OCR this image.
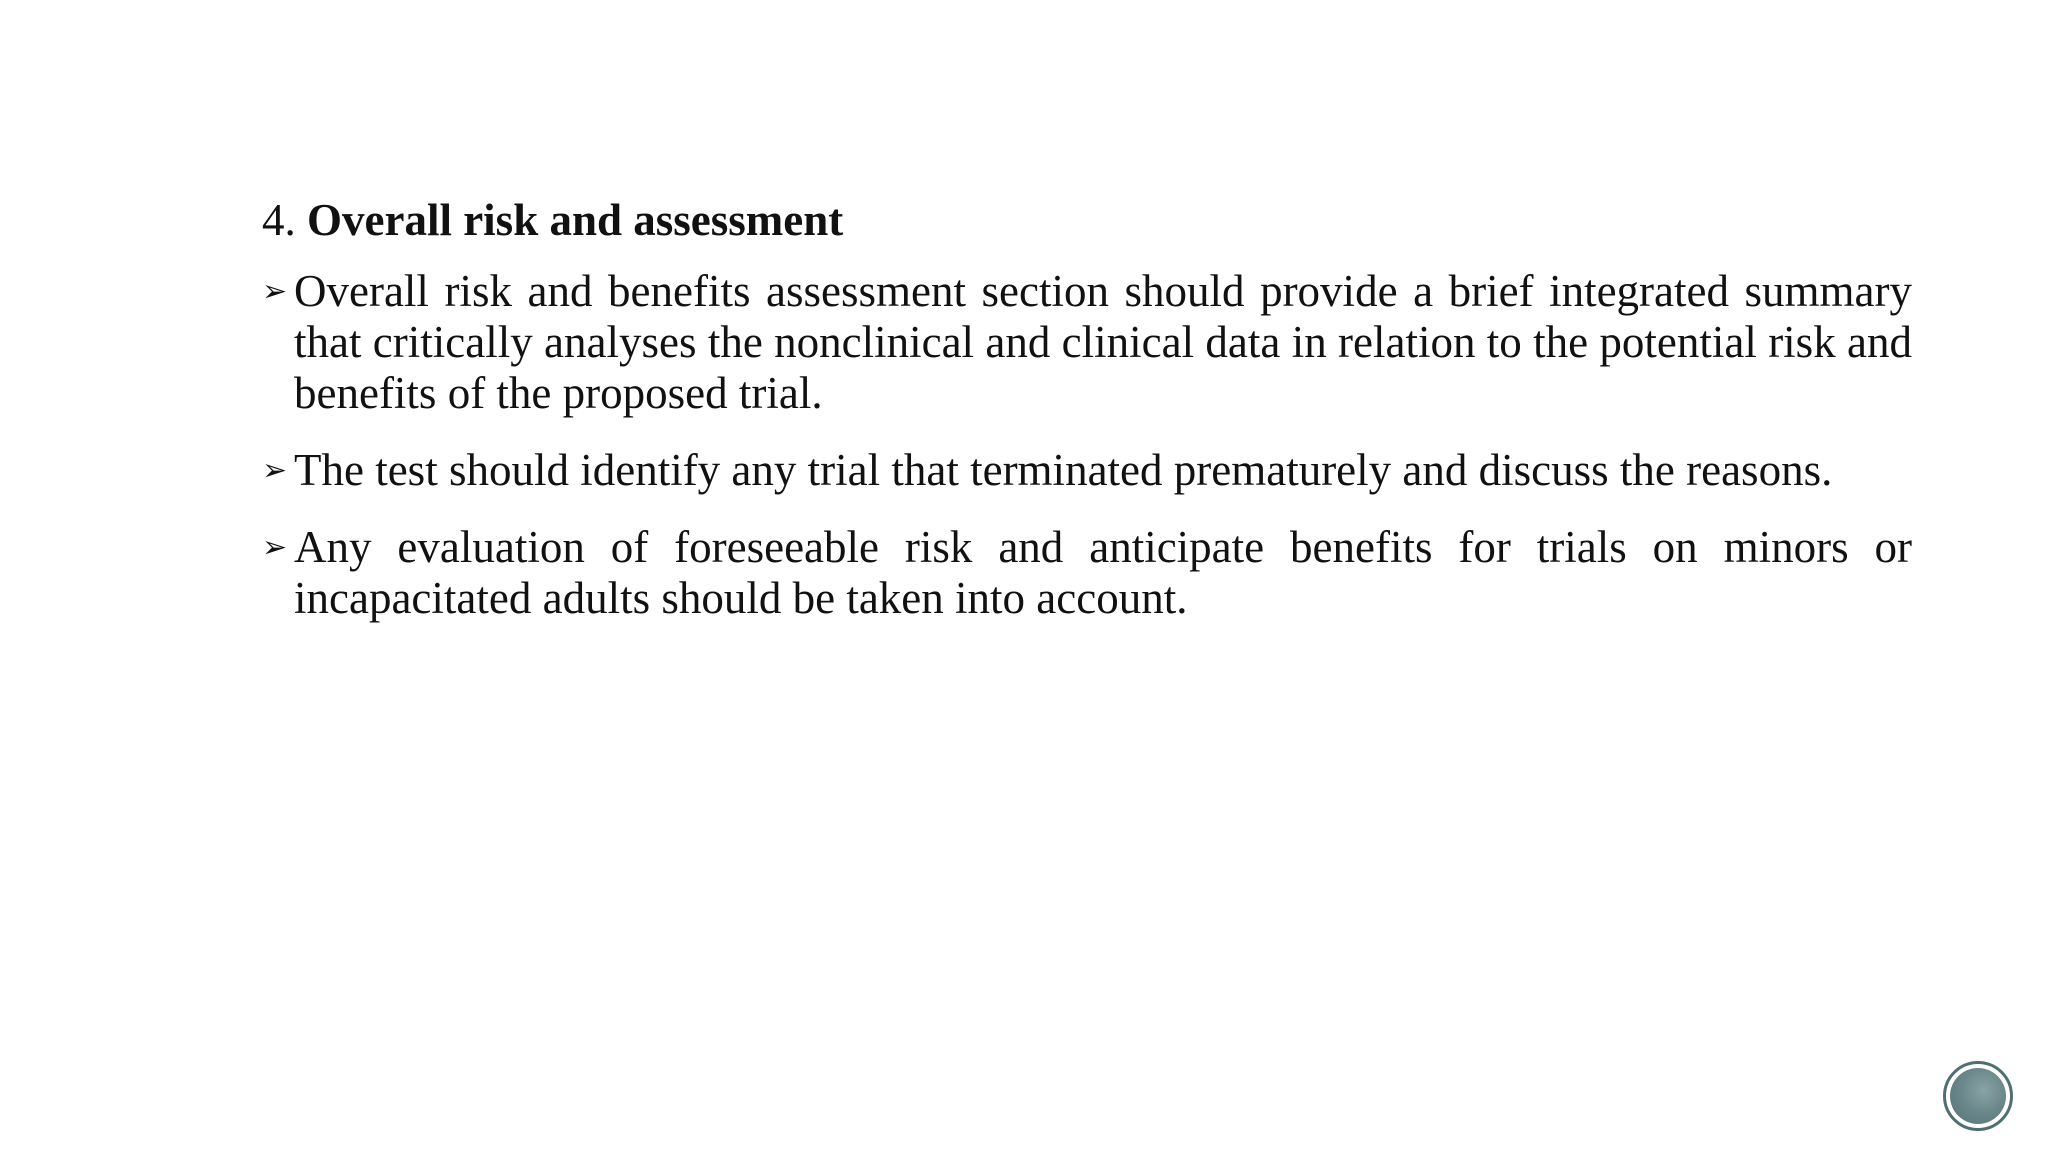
4. Overall risk and assessment
➢ Overall risk and benefits assessment section should provide a brief integrated summary that critically analyses the nonclinical and clinical data in relation to the potential risk and benefits of the proposed trial.
➢ The test should identify any trial that terminated prematurely and discuss the reasons.
➢ Any evaluation of foreseeable risk and anticipate benefits for trials on minors or incapacitated adults should be taken into account.
